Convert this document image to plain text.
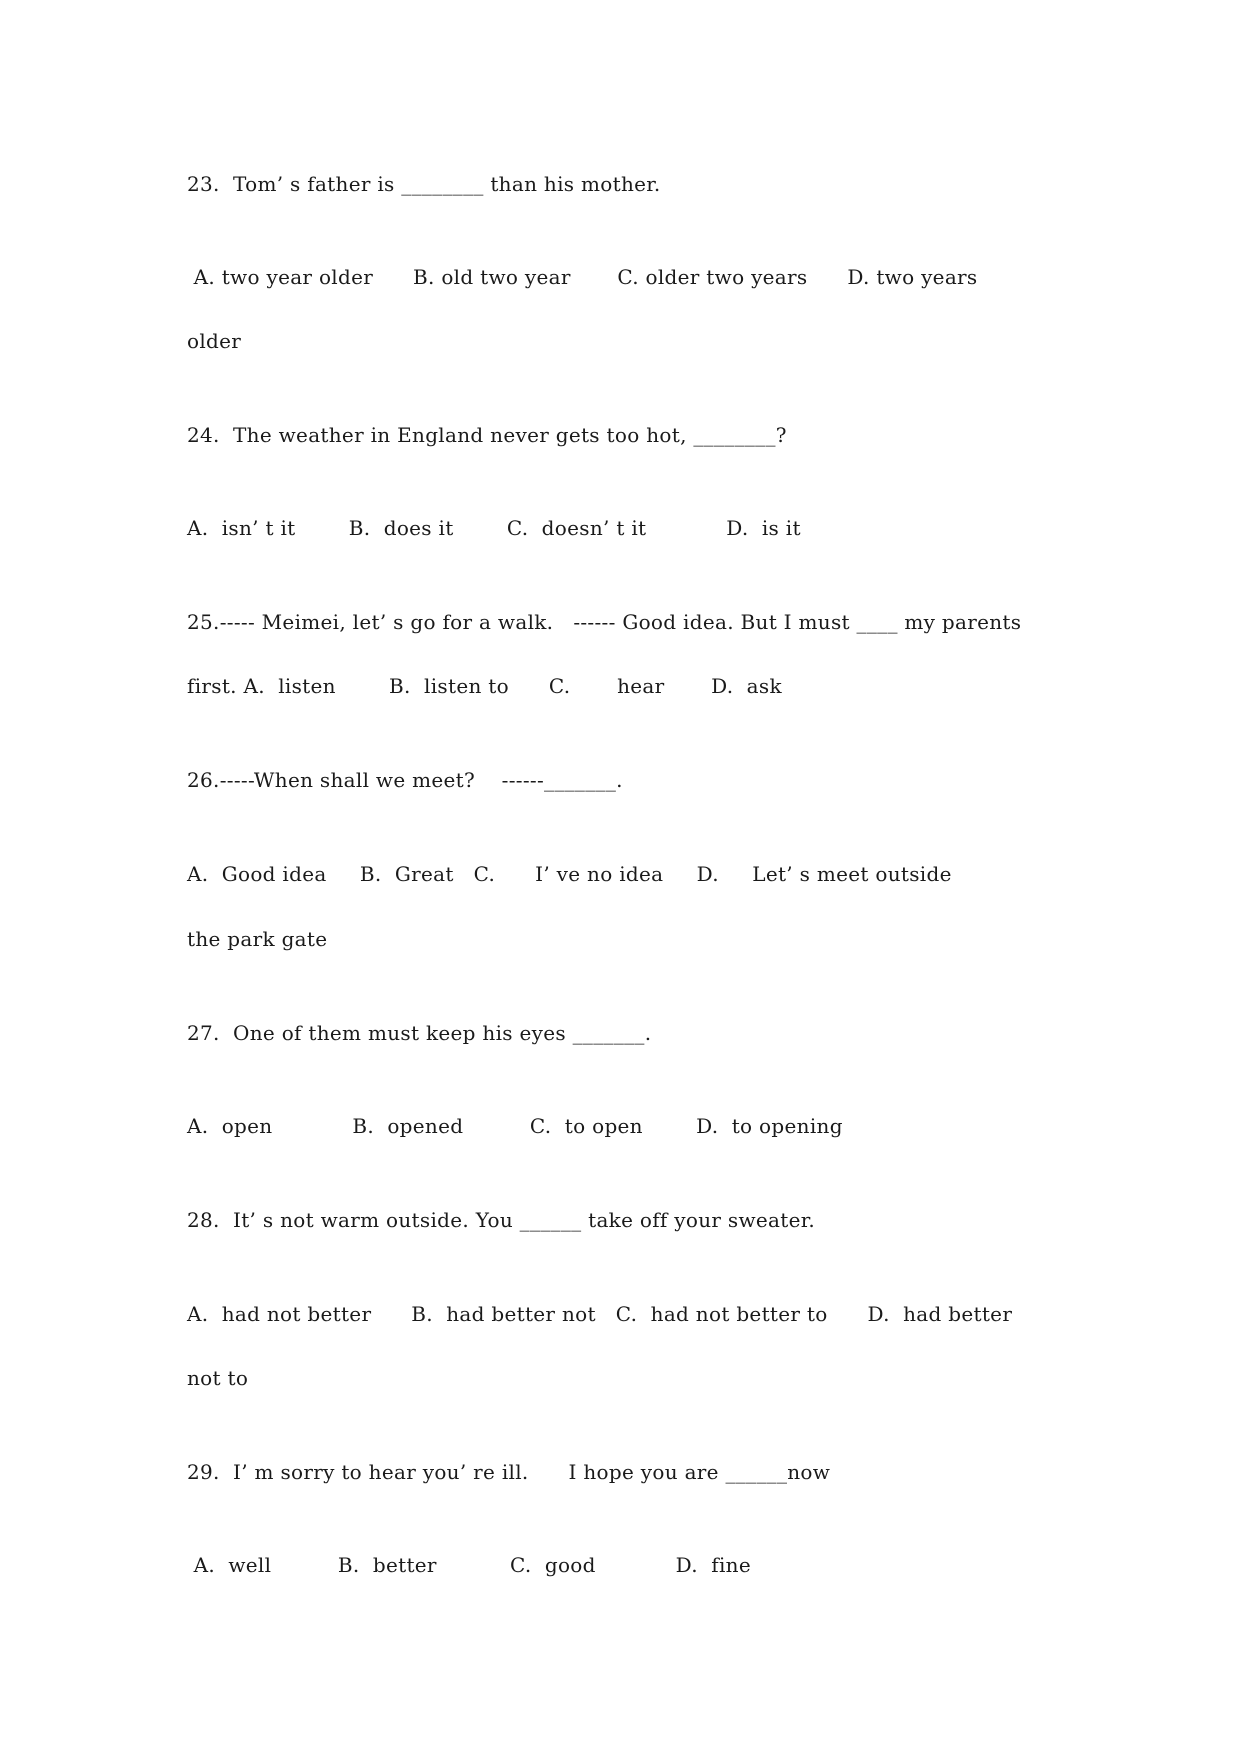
23.  Tom’ s father is ________ than his mother.
A. two year older      B. old two year       C. older two years      D. two years
older
24.  The weather in England never gets too hot, ________?
A.  isn’ t it        B.  does it        C.  doesn’ t it            D.  is it
25.----- Meimei, let’ s go for a walk.   ------ Good idea. But I must ____ my parents
first. A.  listen        B.  listen to      C.       hear       D.  ask
26.-----When shall we meet?    ------_______.
A.  Good idea     B.  Great   C.      I’ ve no idea     D.     Let’ s meet outside
the park gate
27.  One of them must keep his eyes _______.
A.  open            B.  opened          C.  to open        D.  to opening
28.  It’ s not warm outside. You ______ take off your sweater.
A.  had not better      B.  had better not   C.  had not better to      D.  had better
not to
29.  I’ m sorry to hear you’ re ill.      I hope you are ______now
A.  well          B.  better           C.  good            D.  fine
